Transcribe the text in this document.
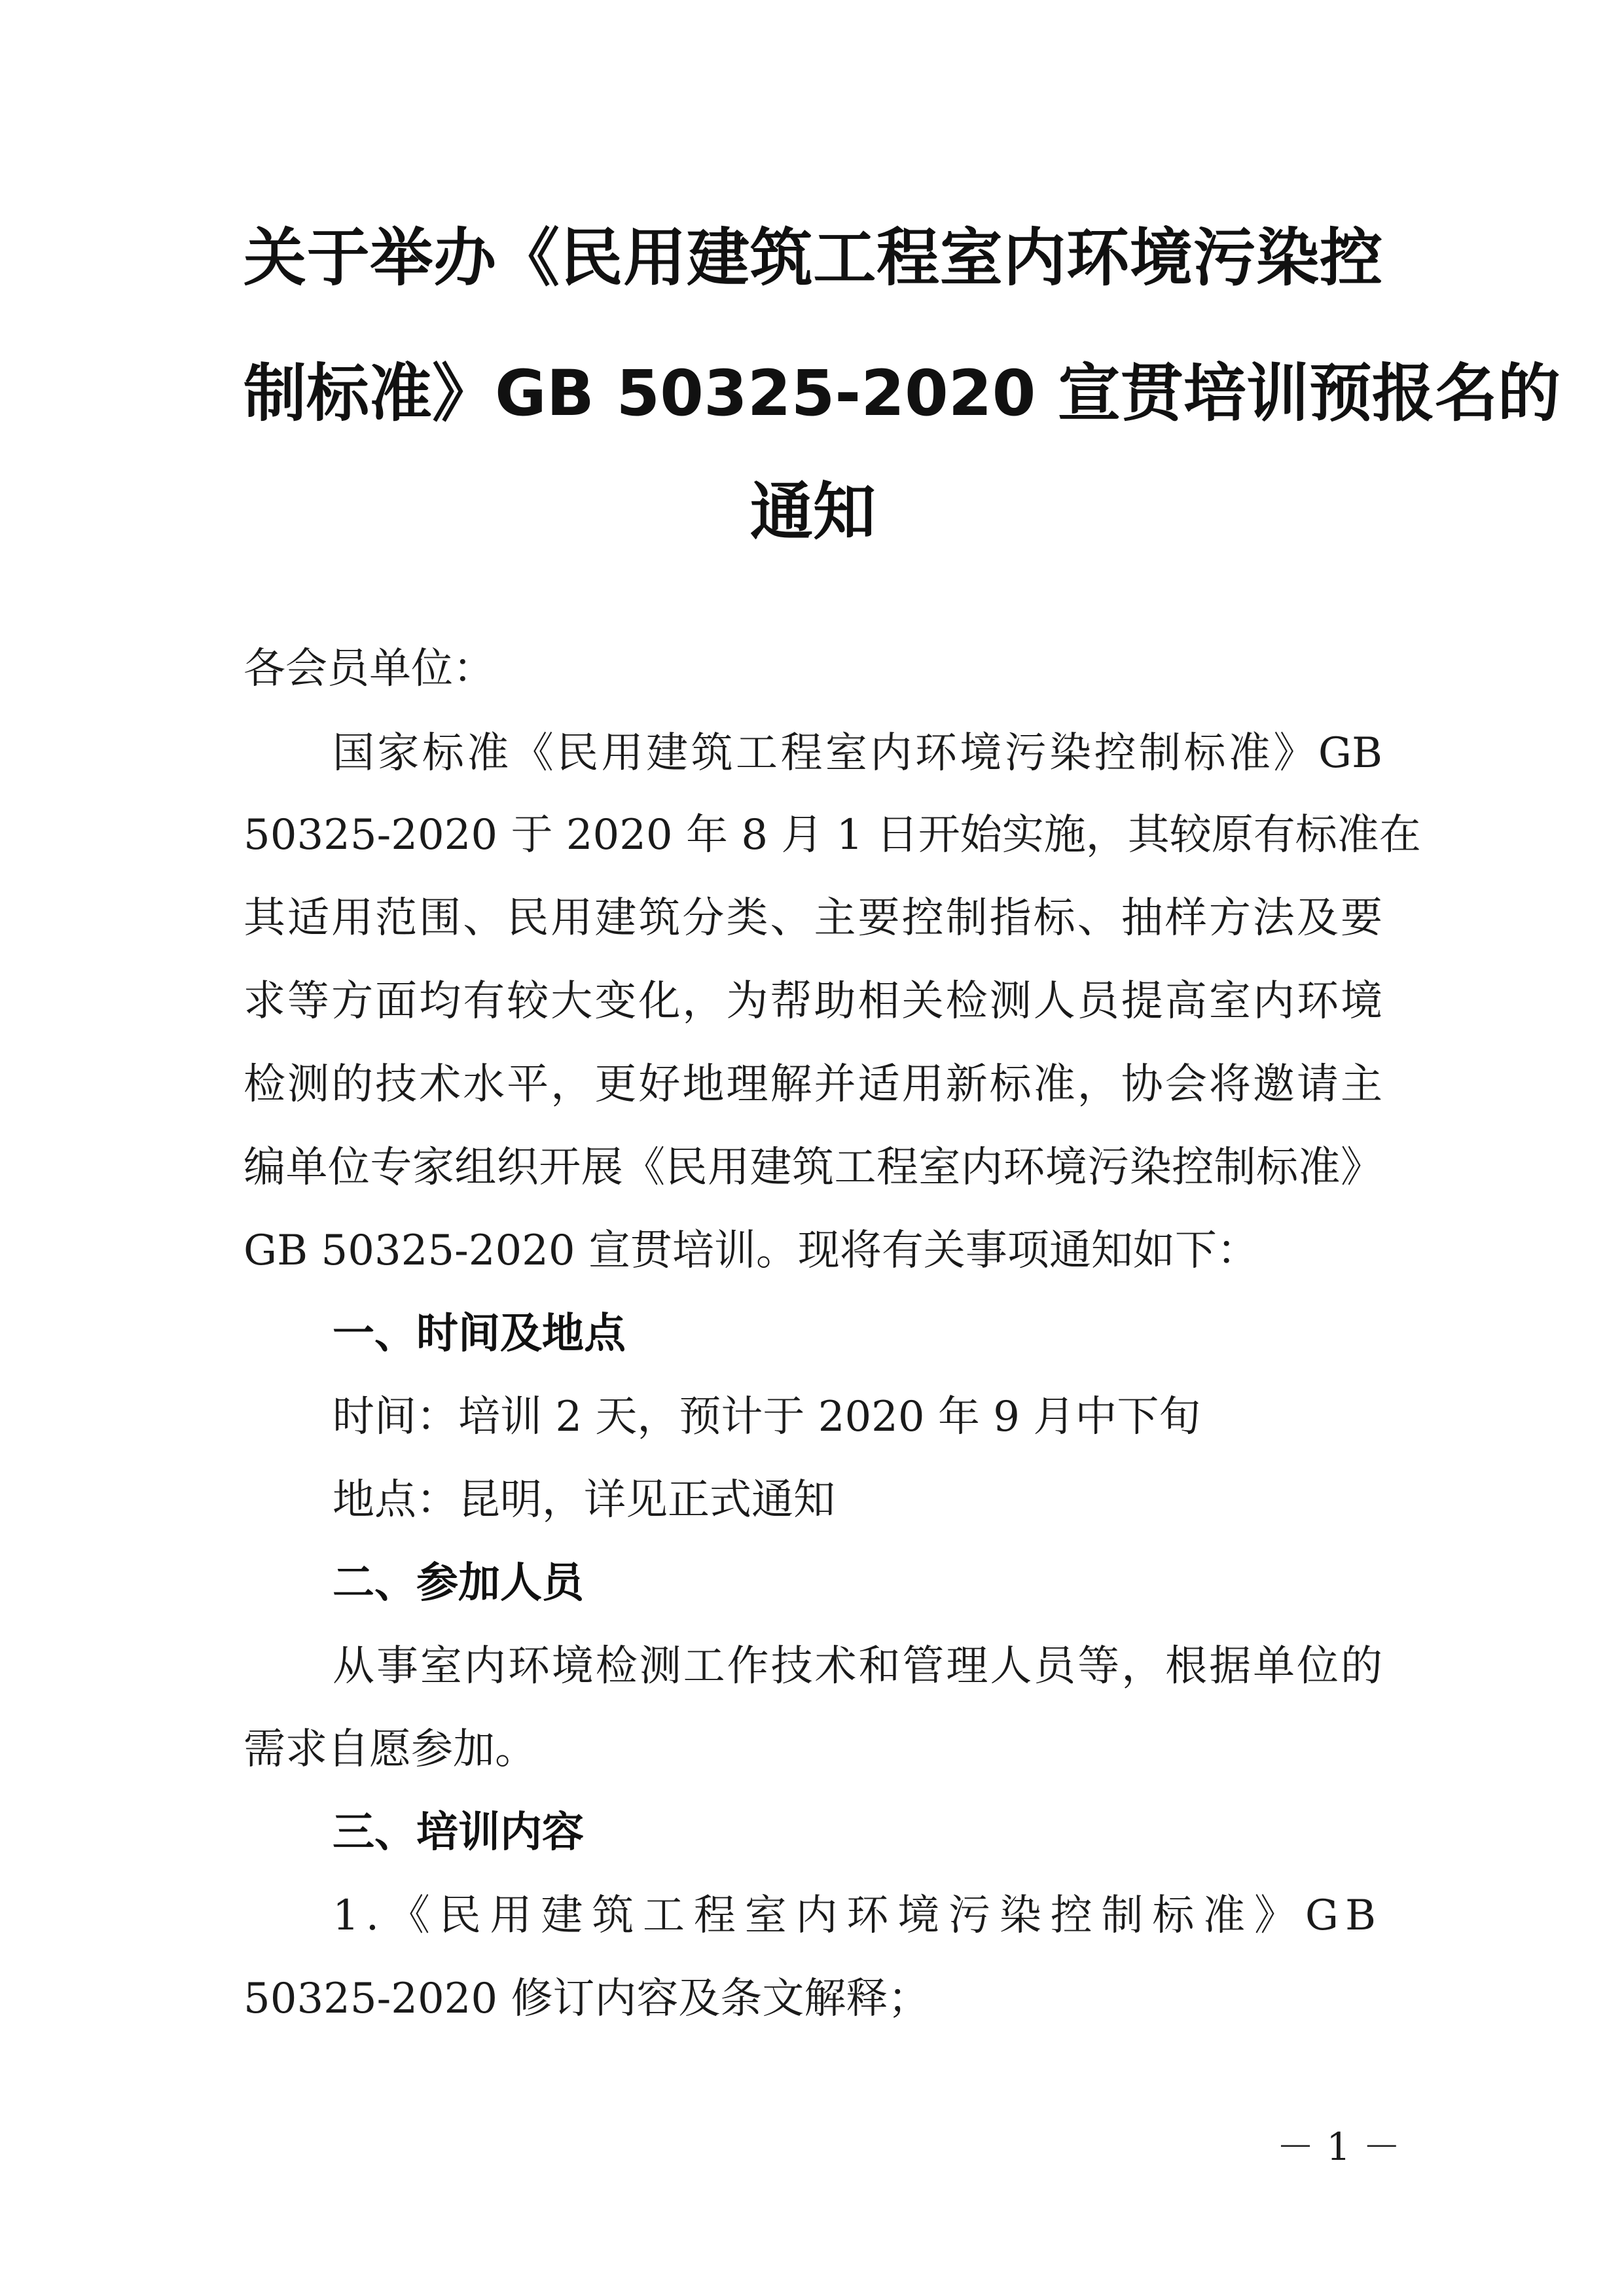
关于举办《民用建筑工程室内环境污染控
制标准》GB 50325-2020 宣贯培训预报名的
通知
各会员单位：
国家标准《民用建筑工程室内环境污染控制标准》GB
50325-2020 于 2020 年 8 月 1 日开始实施，其较原有标准在
其适用范围、民用建筑分类、主要控制指标、抽样方法及要
求等方面均有较大变化，为帮助相关检测人员提高室内环境
检测的技术水平，更好地理解并适用新标准，协会将邀请主
编单位专家组织开展《民用建筑工程室内环境污染控制标准》
GB 50325-2020 宣贯培训。现将有关事项通知如下：
一、时间及地点
时间：培训 2 天，预计于 2020 年 9 月中下旬
地点：昆明，详见正式通知
二、参加人员
从事室内环境检测工作技术和管理人员等，根据单位的
需求自愿参加。
三、培训内容
1.《民用建筑工程室内环境污染控制标准》GB
50325-2020 修订内容及条文解释；
－ 1 －
